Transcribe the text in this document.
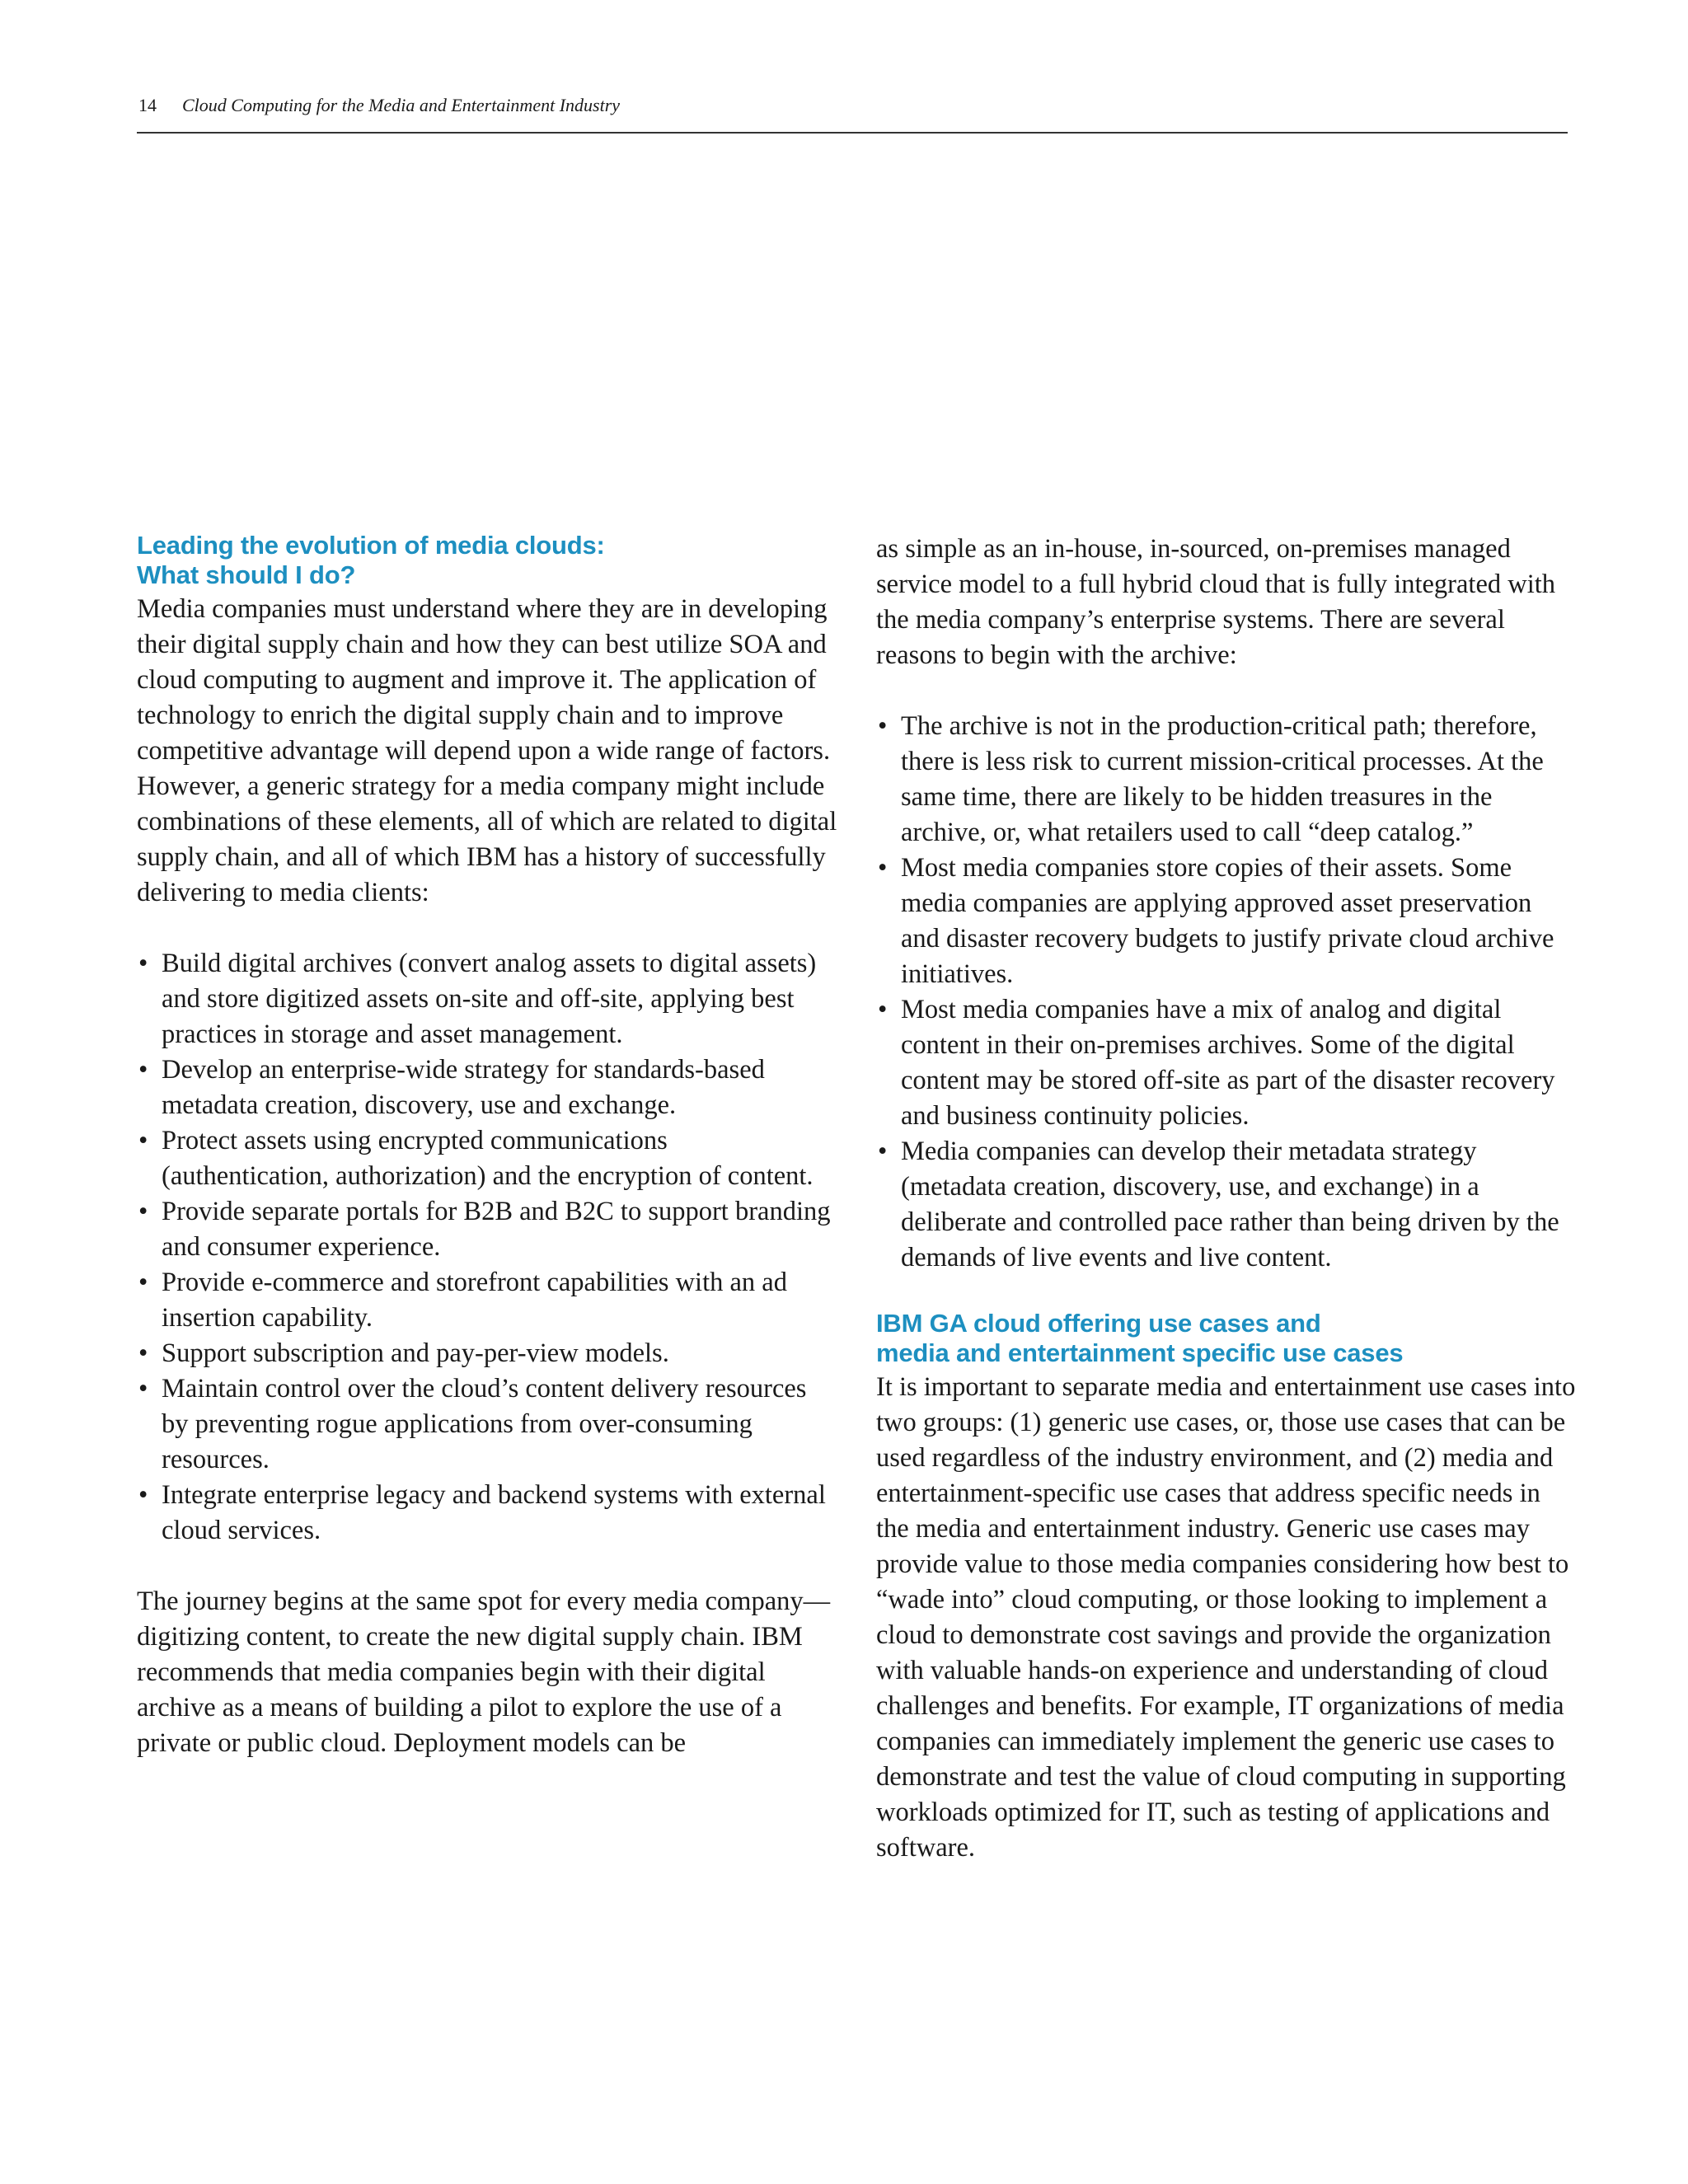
14 Cloud Computing for the Media and Entertainment Industry
Leading the evolution of media clouds:
What should I do?

Media companies must understand where they are in developing their digital supply chain and how they can best utilize SOA and cloud computing to augment and improve it. The application of technology to enrich the digital supply chain and to improve competitive advantage will depend upon a wide range of factors. However, a generic strategy for a media company might include combinations of these elements, all of which are related to digital supply chain, and all of which IBM has a history of successfully delivering to media clients:

• Build digital archives (convert analog assets to digital assets) and store digitized assets on-site and off-site, applying best practices in storage and asset management.
• Develop an enterprise-wide strategy for standards-based metadata creation, discovery, use and exchange.
• Protect assets using encrypted communications (authentication, authorization) and the encryption of content.
• Provide separate portals for B2B and B2C to support branding and consumer experience.
• Provide e-commerce and storefront capabilities with an ad insertion capability.
• Support subscription and pay-per-view models.
• Maintain control over the cloud’s content delivery resources by preventing rogue applications from over-consuming resources.
• Integrate enterprise legacy and backend systems with external cloud services.

The journey begins at the same spot for every media company—digitizing content, to create the new digital supply chain. IBM recommends that media companies begin with their digital archive as a means of building a pilot to explore the use of a private or public cloud. Deployment models can be

as simple as an in-house, in-sourced, on-premises managed service model to a full hybrid cloud that is fully integrated with the media company’s enterprise systems. There are several reasons to begin with the archive:

• The archive is not in the production-critical path; therefore, there is less risk to current mission-critical processes. At the same time, there are likely to be hidden treasures in the archive, or, what retailers used to call “deep catalog.”
• Most media companies store copies of their assets. Some media companies are applying approved asset preservation and disaster recovery budgets to justify private cloud archive initiatives.
• Most media companies have a mix of analog and digital content in their on-premises archives. Some of the digital content may be stored off-site as part of the disaster recovery and business continuity policies.
• Media companies can develop their metadata strategy (metadata creation, discovery, use, and exchange) in a deliberate and controlled pace rather than being driven by the demands of live events and live content.
IBM GA cloud offering use cases and
media and entertainment specific use cases

It is important to separate media and entertainment use cases into two groups: (1) generic use cases, or, those use cases that can be used regardless of the industry environment, and (2) media and entertainment-specific use cases that address specific needs in the media and entertainment industry. Generic use cases may provide value to those media companies considering how best to “wade into” cloud computing, or those looking to implement a cloud to demonstrate cost savings and provide the organization with valuable hands-on experience and understanding of cloud challenges and benefits. For example, IT organizations of media companies can immediately implement the generic use cases to demonstrate and test the value of cloud computing in supporting workloads optimized for IT, such as testing of applications and software.
